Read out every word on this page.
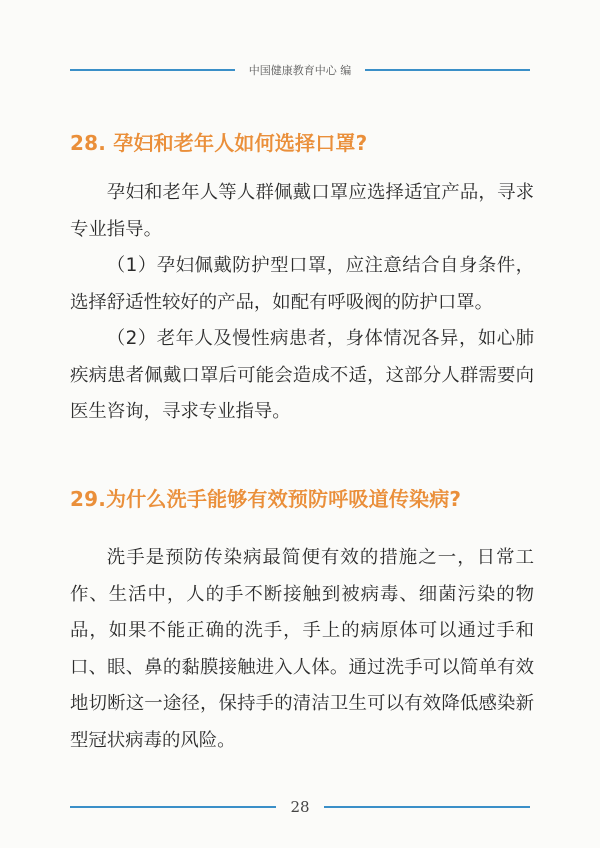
中国健康教育中心 编
28. 孕妇和老年人如何选择口罩?

孕妇和老年人等人群佩戴口罩应选择适宜产品，寻求专业指导。

（1）孕妇佩戴防护型口罩，应注意结合自身条件，选择舒适性较好的产品，如配有呼吸阀的防护口罩。

（2）老年人及慢性病患者，身体情况各异，如心肺疾病患者佩戴口罩后可能会造成不适，这部分人群需要向医生咨询，寻求专业指导。

29.为什么洗手能够有效预防呼吸道传染病?

洗手是预防传染病最简便有效的措施之一，日常工作、生活中，人的手不断接触到被病毒、细菌污染的物品，如果不能正确的洗手，手上的病原体可以通过手和口、眼、鼻的黏膜接触进入人体。通过洗手可以简单有效地切断这一途径，保持手的清洁卫生可以有效降低感染新型冠状病毒的风险。

28
